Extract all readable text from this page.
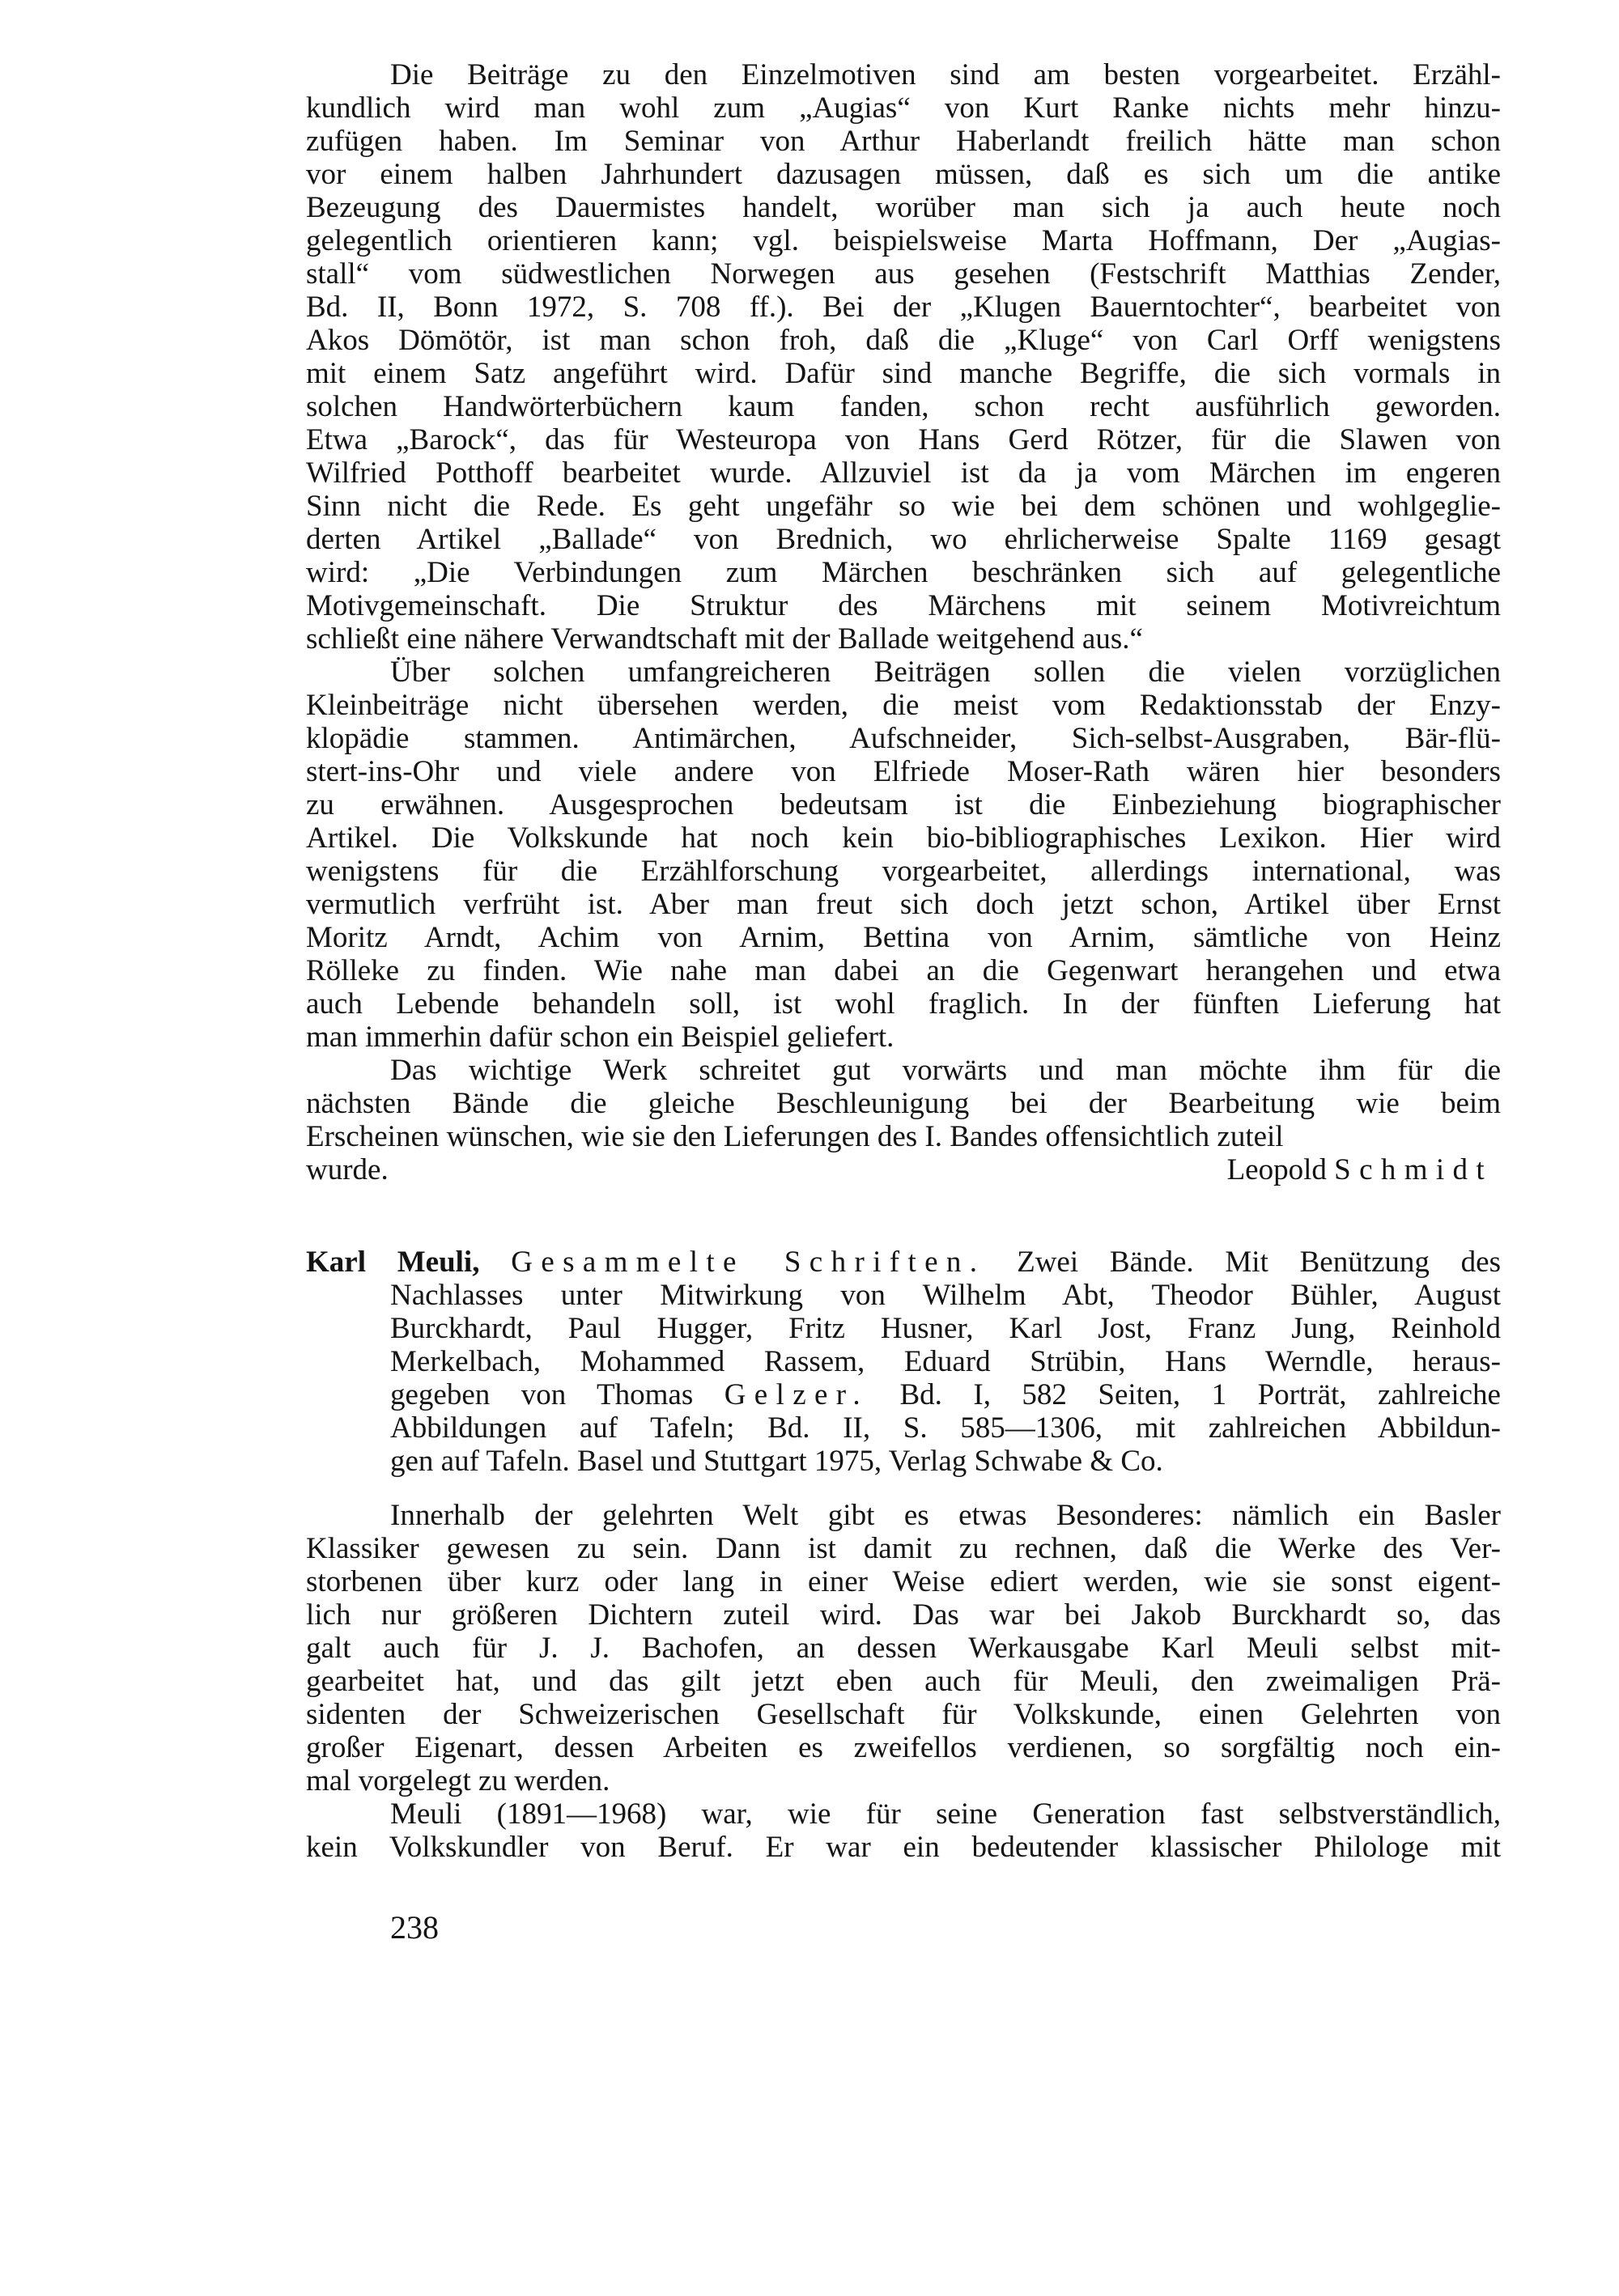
Die Beiträge zu den Einzelmotiven sind am besten vorgearbeitet. Erzähl-
kundlich wird man wohl zum „Augias“ von Kurt Ranke nichts mehr hinzu-
zufügen haben. Im Seminar von Arthur Haberlandt freilich hätte man schon
vor einem halben Jahrhundert dazusagen müssen, daß es sich um die antike
Bezeugung des Dauermistes handelt, worüber man sich ja auch heute noch
gelegentlich orientieren kann; vgl. beispielsweise Marta Hoffmann, Der „Augias-
stall“ vom südwestlichen Norwegen aus gesehen (Festschrift Matthias Zender,
Bd. II, Bonn 1972, S. 708 ff.). Bei der „Klugen Bauerntochter“, bearbeitet von
Akos Dömötör, ist man schon froh, daß die „Kluge“ von Carl Orff wenigstens
mit einem Satz angeführt wird. Dafür sind manche Begriffe, die sich vormals in
solchen Handwörterbüchern kaum fanden, schon recht ausführlich geworden.
Etwa „Barock“, das für Westeuropa von Hans Gerd Rötzer, für die Slawen von
Wilfried Potthoff bearbeitet wurde. Allzuviel ist da ja vom Märchen im engeren
Sinn nicht die Rede. Es geht ungefähr so wie bei dem schönen und wohlgeglie-
derten Artikel „Ballade“ von Brednich, wo ehrlicherweise Spalte 1169 gesagt
wird: „Die Verbindungen zum Märchen beschränken sich auf gelegentliche
Motivgemeinschaft. Die Struktur des Märchens mit seinem Motivreichtum
schließt eine nähere Verwandtschaft mit der Ballade weitgehend aus.“
Über solchen umfangreicheren Beiträgen sollen die vielen vorzüglichen
Kleinbeiträge nicht übersehen werden, die meist vom Redaktionsstab der Enzy-
klopädie stammen. Antimärchen, Aufschneider, Sich-selbst-Ausgraben, Bär-flü-
stert-ins-Ohr und viele andere von Elfriede Moser-Rath wären hier besonders
zu erwähnen. Ausgesprochen bedeutsam ist die Einbeziehung biographischer
Artikel. Die Volkskunde hat noch kein bio-bibliographisches Lexikon. Hier wird
wenigstens für die Erzählforschung vorgearbeitet, allerdings international, was
vermutlich verfrüht ist. Aber man freut sich doch jetzt schon, Artikel über Ernst
Moritz Arndt, Achim von Arnim, Bettina von Arnim, sämtliche von Heinz
Rölleke zu finden. Wie nahe man dabei an die Gegenwart herangehen und etwa
auch Lebende behandeln soll, ist wohl fraglich. In der fünften Lieferung hat
man immerhin dafür schon ein Beispiel geliefert.
Das wichtige Werk schreitet gut vorwärts und man möchte ihm für die
nächsten Bände die gleiche Beschleunigung bei der Bearbeitung wie beim
Erscheinen wünschen, wie sie den Lieferungen des I. Bandes offensichtlich zuteil
wurde.	Leopold Schmidt
Karl Meuli, Gesammelte Schriften. Zwei Bände. Mit Benützung des
Nachlasses unter Mitwirkung von Wilhelm Abt, Theodor Bühler, August
Burckhardt, Paul Hugger, Fritz Husner, Karl Jost, Franz Jung, Reinhold
Merkelbach, Mohammed Rassem, Eduard Strübin, Hans Werndle, heraus-
gegeben von Thomas Gelzer. Bd. I, 582 Seiten, 1 Porträt, zahlreiche
Abbildungen auf Tafeln; Bd. II, S. 585—1306, mit zahlreichen Abbildun-
gen auf Tafeln. Basel und Stuttgart 1975, Verlag Schwabe & Co.
Innerhalb der gelehrten Welt gibt es etwas Besonderes: nämlich ein Basler
Klassiker gewesen zu sein. Dann ist damit zu rechnen, daß die Werke des Ver-
storbenen über kurz oder lang in einer Weise ediert werden, wie sie sonst eigent-
lich nur größeren Dichtern zuteil wird. Das war bei Jakob Burckhardt so, das
galt auch für J. J. Bachofen, an dessen Werkausgabe Karl Meuli selbst mit-
gearbeitet hat, und das gilt jetzt eben auch für Meuli, den zweimaligen Prä-
sidenten der Schweizerischen Gesellschaft für Volkskunde, einen Gelehrten von
großer Eigenart, dessen Arbeiten es zweifellos verdienen, so sorgfältig noch ein-
mal vorgelegt zu werden.
Meuli (1891—1968) war, wie für seine Generation fast selbstverständlich,
kein Volkskundler von Beruf. Er war ein bedeutender klassischer Philologe mit
238
